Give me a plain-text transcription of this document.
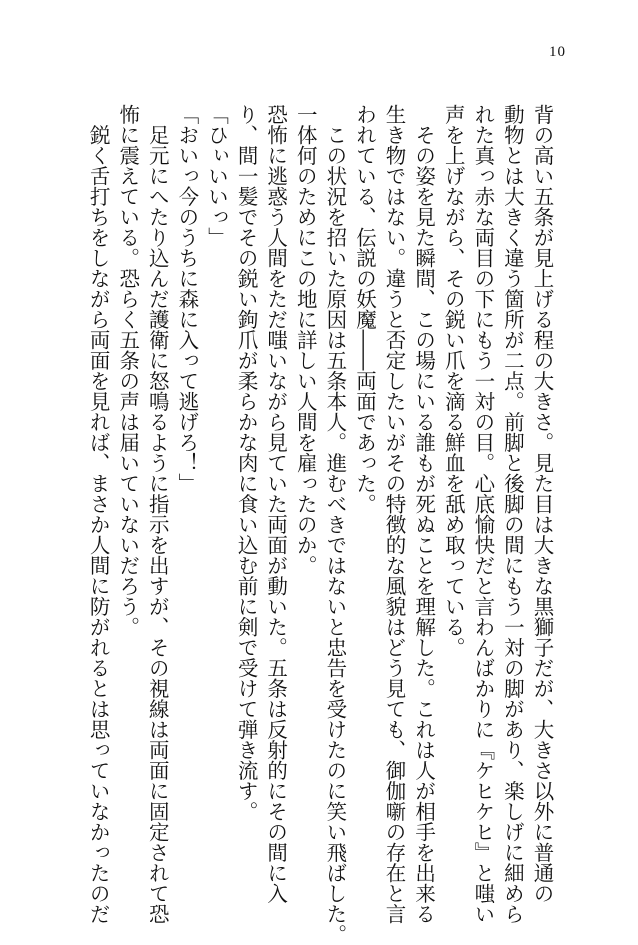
10
背の高い五条が見上げる程の大きさ。見た目は大きな黒獅子だが、大きさ以外に普通の
動物とは大きく違う箇所が二点。前脚と後脚の間にもう一対の脚があり、楽しげに細めら
れた真っ赤な両目の下にもう一対の目。心底愉快だと言わんばかりに『ケヒケヒ』と嗤い
声を上げながら、その鋭い爪を滴る鮮血を舐め取っている。
　その姿を見た瞬間、この場にいる誰もが死ぬことを理解した。これは人が相手を出来る
生き物ではない。違うと否定したいがその特徴的な風貌はどう見ても、御伽噺の存在と言
われている、伝説の妖魔――両面であった。
　この状況を招いた原因は五条本人。進むべきではないと忠告を受けたのに笑い飛ばした。
一体何のためにこの地に詳しい人間を雇ったのか。
恐怖に逃惑う人間をただ嗤いながら見ていた両面が動いた。五条は反射的にその間に入
り、間一髪でその鋭い鉤爪が柔らかな肉に食い込む前に剣で受けて弾き流す。
「ひぃいいっ」
「おいっ今のうちに森に入って逃げろ！」
　足元にへたり込んだ護衛に怒鳴るように指示を出すが、その視線は両面に固定されて恐
怖に震えている。恐らく五条の声は届いていないだろう。
　鋭く舌打ちをしながら両面を見れば、まさか人間に防がれるとは思っていなかったのだ
